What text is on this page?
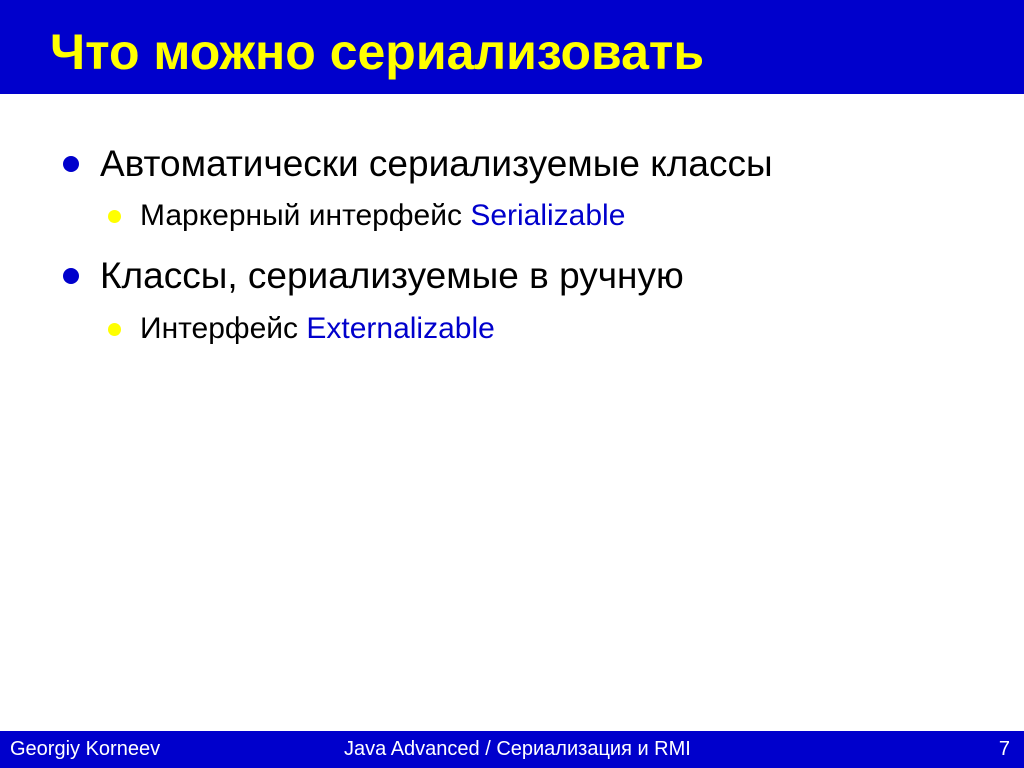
Что можно сериализовать
Автоматически сериализуемые классы
Маркерный интерфейс Serializable
Классы, сериализуемые в ручную
Интерфейс Externalizable
Georgiy Korneev	Java Advanced / Сериализация и RMI	7
